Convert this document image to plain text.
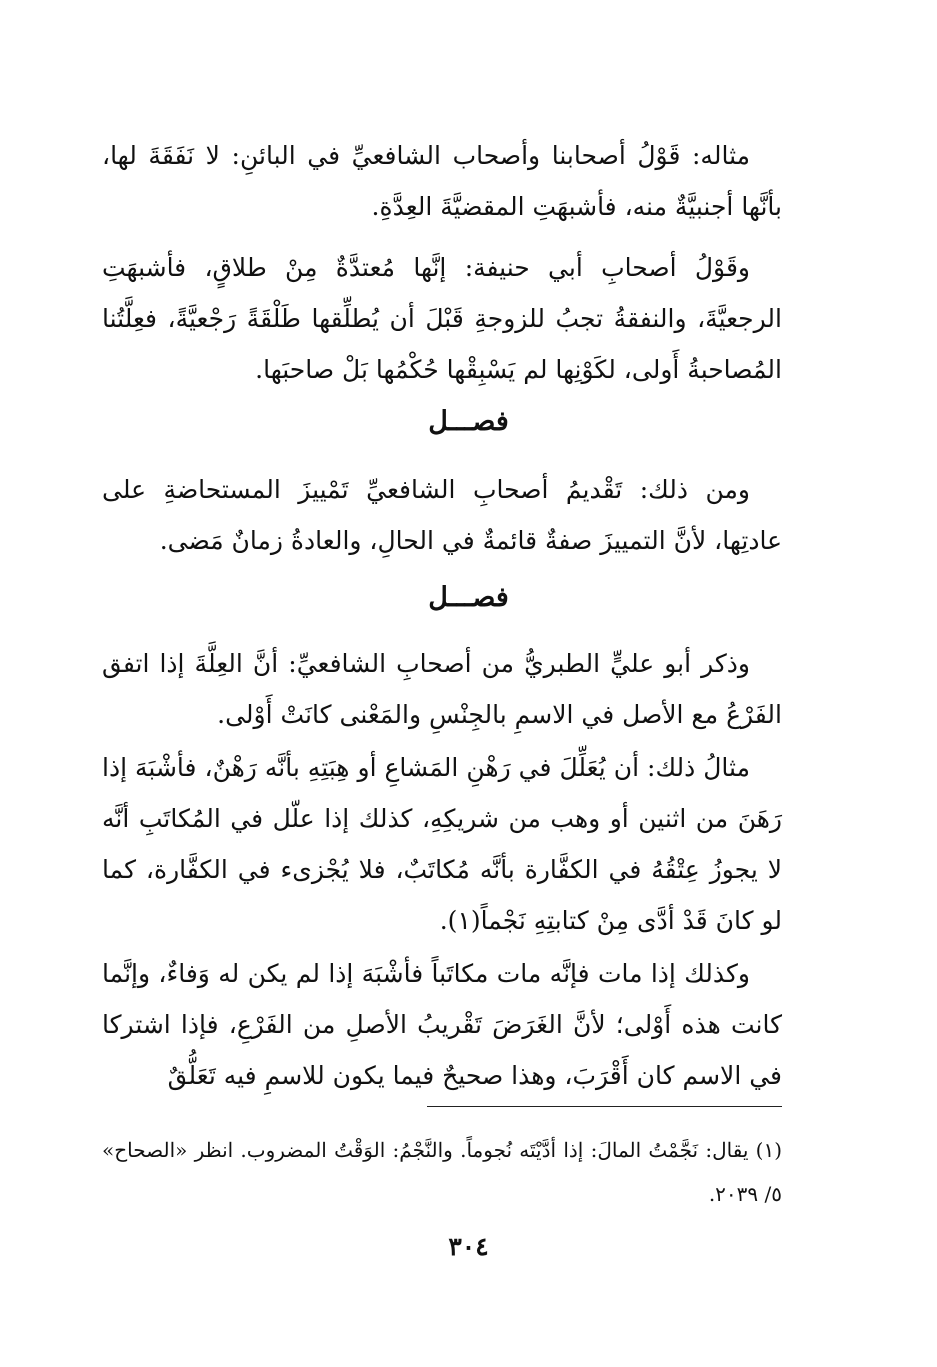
مثاله: قَوْلُ أصحابنا وأصحاب الشافعيِّ في البائنِ: لا نَفَقَةَ لها، بأنَّها أجنبيَّةٌ منه، فأشبهَتِ المقضيَّةَ العِدَّةِ.

وقَوْلُ أصحابِ أبي حنيفة: إنَّها مُعتدَّةٌ مِنْ طلاقٍ، فأشبهَتِ الرجعيَّةَ، والنفقةُ تجبُ للزوجةِ قَبْلَ أن يُطلِّقها طَلْقَةً رَجْعيَّةً، فعِلَّتُنا المُصاحبةُ أَولى، لكَوْنِها لم يَسْبِقْها حُكْمُها بَلْ صاحبَها.

فصـــل

ومن ذلك: تَقْديمُ أصحابِ الشافعيِّ تَمْييزَ المستحاضةِ على عادتِها، لأنَّ التمييزَ صفةٌ قائمةٌ في الحالِ، والعادةُ زمانٌ مَضى.

فصـــل

وذكر أبو عليٍّ الطبريُّ من أصحابِ الشافعيِّ: أنَّ العِلَّةَ إذا اتفق الفَرْعُ مع الأصل في الاسمِ بالجِنْسِ والمَعْنى كانَتْ أَوْلى.

مثالُ ذلك: أن يُعَلِّلَ في رَهْنِ المَشاعِ أو هِبَتِهِ بأنَّه رَهْنٌ، فأشْبَهَ إذا رَهَنَ من اثنين أو وهب من شريكِهِ، كذلك إذا علّل في المُكاتَبِ أنَّه لا يجوزُ عِتْقُهُ في الكفَّارة بأنَّه مُكاتَبٌ، فلا يُجْزىء في الكفَّارة، كما لو كانَ قَدْ أدَّى مِنْ كتابتِهِ نَجْماً(١).

وكذلك إذا مات فإنَّه مات مكاتَباً فأشْبَهَ إذا لم يكن له وَفاءٌ، وإنَّما كانت هذه أَوْلى؛ لأنَّ الغَرَضَ تَقْريبُ الأصلِ من الفَرْعِ، فإذا اشتركا في الاسم كان أَقْرَبَ، وهذا صحيحٌ فيما يكون للاسمِ فيه تَعَلُّقٌ

(١) يقال: نَجَّمْتُ المالَ: إذا أدَّيْتَه نُجوماً. والنَّجْمُ: الوَقْتُ المضروب. انظر «الصحاح» ٥/ ٢٠٣٩.

٣٠٤
